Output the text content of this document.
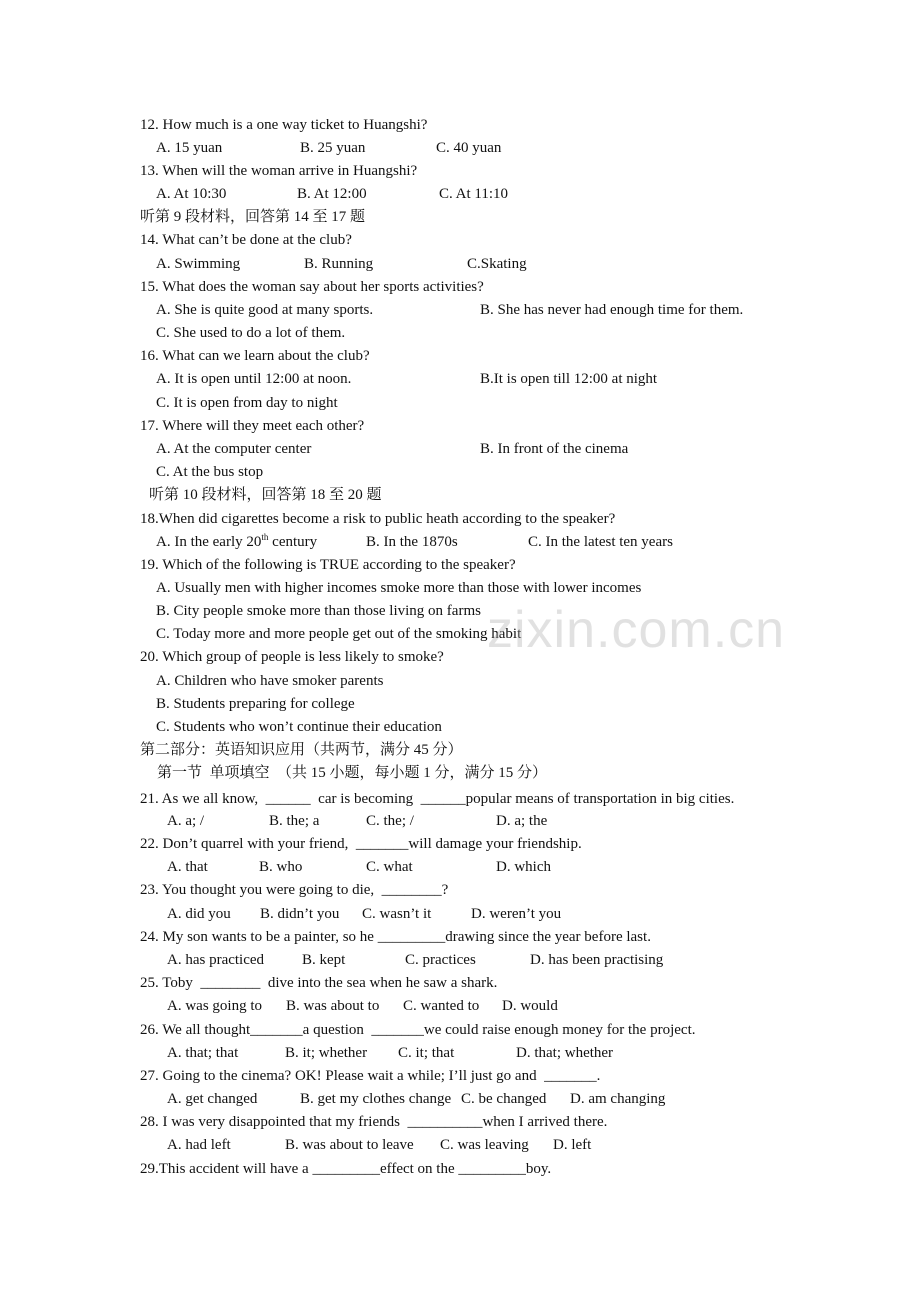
12. How much is a one way ticket to Huangshi?
A. 15 yuan	B. 25 yuan	C. 40 yuan
13. When will the woman arrive in Huangshi?
A. At 10:30	B. At 12:00	C. At 11:10
听第 9 段材料，回答第 14 至 17 题
14. What can’t be done at the club?
A. Swimming	B. Running	C.Skating
15. What does the woman say about her sports activities?
A. She is quite good at many sports.	B. She has never had enough time for them.
C. She used to do a lot of them.
16. What can we learn about the club?
A. It is open until 12:00 at noon.	B.It is open till 12:00 at night
C. It is open from day to night
17. Where will they meet each other?
A. At the computer center	B. In front of the cinema
C. At the bus stop
听第 10 段材料，回答第 18 至 20 题
18.When did cigarettes become a risk to public heath according to the speaker?
A. In the early 20th century	B. In the 1870s	C. In the latest ten years
19. Which of the following is TRUE according to the speaker?
A. Usually men with higher incomes smoke more than those with lower incomes
B. City people smoke more than those living on farms
C. Today more and more people get out of the smoking habit
20. Which group of people is less likely to smoke?
A. Children who have smoker parents
B. Students preparing for college
C. Students who won’t continue their education
第二部分：英语知识应用（共两节，满分 45 分）
第一节  单项填空  （共 15 小题，每小题 1 分，满分 15 分）
21. As we all know,  ______  car is becoming  ______popular means of transportation in big cities.
A. a; /	B. the; a	C. the; /	D. a; the
22. Don’t quarrel with your friend,  _______will damage your friendship.
A. that	B. who	C. what	D. which
23. You thought you were going to die,  ________?
A. did you B. didn’t you C. wasn’t it	D. weren’t you
24. My son wants to be a painter, so he _________drawing since the year before last.
A. has practiced	B. kept	C. practices	D. has been practising
25. Toby  ________  dive into the sea when he saw a shark.
A. was going to B. was about to C. wanted to D. would
26. We all thought_______a question  _______we could raise enough money for the project.
A. that; that	B. it; whether C. it; that	D. that; whether
27. Going to the cinema? OK! Please wait a while; I’ll just go and  _______.
A. get changed	B. get my clothes change C. be changed D. am changing
28. I was very disappointed that my friends  __________when I arrived there.
A. had left	B. was about to leave C. was leaving D. left
29.This accident will have a _________effect on the _________boy.
zixin.com.cn
